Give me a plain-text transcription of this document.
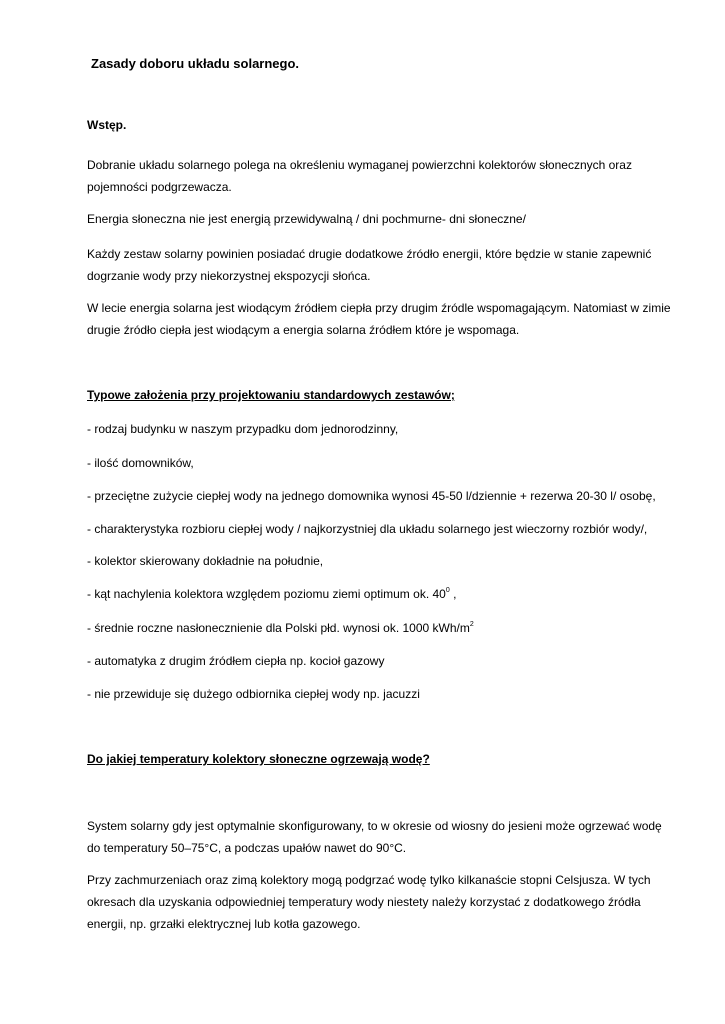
Zasady doboru układu solarnego.

Wstęp.

Dobranie układu solarnego polega na określeniu wymaganej powierzchni kolektorów słonecznych oraz

pojemności podgrzewacza.

Energia słoneczna nie jest energią przewidywalną / dni pochmurne- dni słoneczne/

Każdy zestaw solarny powinien posiadać drugie dodatkowe źródło energii, które będzie w stanie zapewnić

dogrzanie wody przy niekorzystnej ekspozycji słońca.

W lecie energia solarna jest wiodącym źródłem ciepła przy drugim źródle wspomagającym. Natomiast w zimie

drugie źródło ciepła jest wiodącym a energia solarna źródłem które je wspomaga.

Typowe założenia przy projektowaniu standardowych zestawów;

- rodzaj budynku w naszym przypadku dom jednorodzinny,

- ilość domowników,

- przeciętne zużycie ciepłej wody na jednego domownika wynosi 45-50 l/dziennie + rezerwa 20-30 l/ osobę,

- charakterystyka rozbioru ciepłej wody / najkorzystniej dla układu solarnego jest wieczorny rozbiór wody/,

- kolektor skierowany dokładnie na południe,

- kąt nachylenia kolektora względem poziomu ziemi optimum ok. $40^0$ ,

- średnie roczne nasłonecznienie dla Polski płd. wynosi ok. 1000 kWh/$m^2$

- automatyka z drugim źródłem ciepła np. kocioł gazowy

- nie przewiduje się dużego odbiornika ciepłej wody np. jacuzzi

Do jakiej temperatury kolektory słoneczne ogrzewają wodę?

System solarny gdy jest optymalnie skonfigurowany, to w okresie od wiosny do jesieni może ogrzewać wodę

do temperatury 50–75°C, a podczas upałów nawet do 90°C.

Przy zachmurzeniach oraz zimą kolektory mogą podgrzać wodę tylko kilkanaście stopni Celsjusza. W tych

okresach dla uzyskania odpowiedniej temperatury wody niestety należy korzystać z dodatkowego źródła

energii, np. grzałki elektrycznej lub kotła gazowego.
